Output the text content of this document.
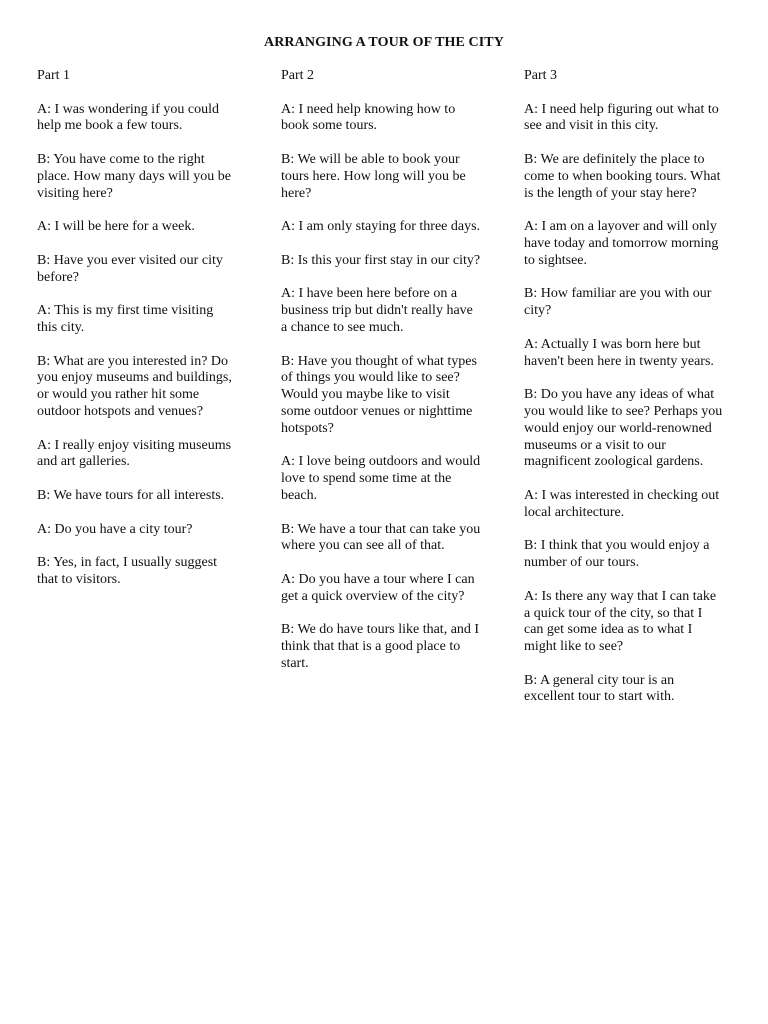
ARRANGING A TOUR OF THE CITY
Part 1
A: I was wondering if you could help me book a few tours.
B: You have come to the right place. How many days will you be visiting here?
A: I will be here for a week.
B: Have you ever visited our city before?
A: This is my first time visiting this city.
B: What are you interested in? Do you enjoy museums and buildings, or would you rather hit some outdoor hotspots and venues?
A: I really enjoy visiting museums and art galleries.
B: We have tours for all interests.
A: Do you have a city tour?
B: Yes, in fact, I usually suggest that to visitors.
Part 2
A: I need help knowing how to book some tours.
B: We will be able to book your tours here. How long will you be here?
A: I am only staying for three days.
B: Is this your first stay in our city?
A: I have been here before on a business trip but didn't really have a chance to see much.
B: Have you thought of what types of things you would like to see? Would you maybe like to visit some outdoor venues or nighttime hotspots?
A: I love being outdoors and would love to spend some time at the beach.
B: We have a tour that can take you where you can see all of that.
A: Do you have a tour where I can get a quick overview of the city?
B: We do have tours like that, and I think that that is a good place to start.
Part 3
A: I need help figuring out what to see and visit in this city.
B: We are definitely the place to come to when booking tours. What is the length of your stay here?
A: I am on a layover and will only have today and tomorrow morning to sightsee.
B: How familiar are you with our city?
A: Actually I was born here but haven't been here in twenty years.
B: Do you have any ideas of what you would like to see? Perhaps you would enjoy our world-renowned museums or a visit to our magnificent zoological gardens.
A: I was interested in checking out local architecture.
B: I think that you would enjoy a number of our tours.
A: Is there any way that I can take a quick tour of the city, so that I can get some idea as to what I might like to see?
B: A general city tour is an excellent tour to start with.
